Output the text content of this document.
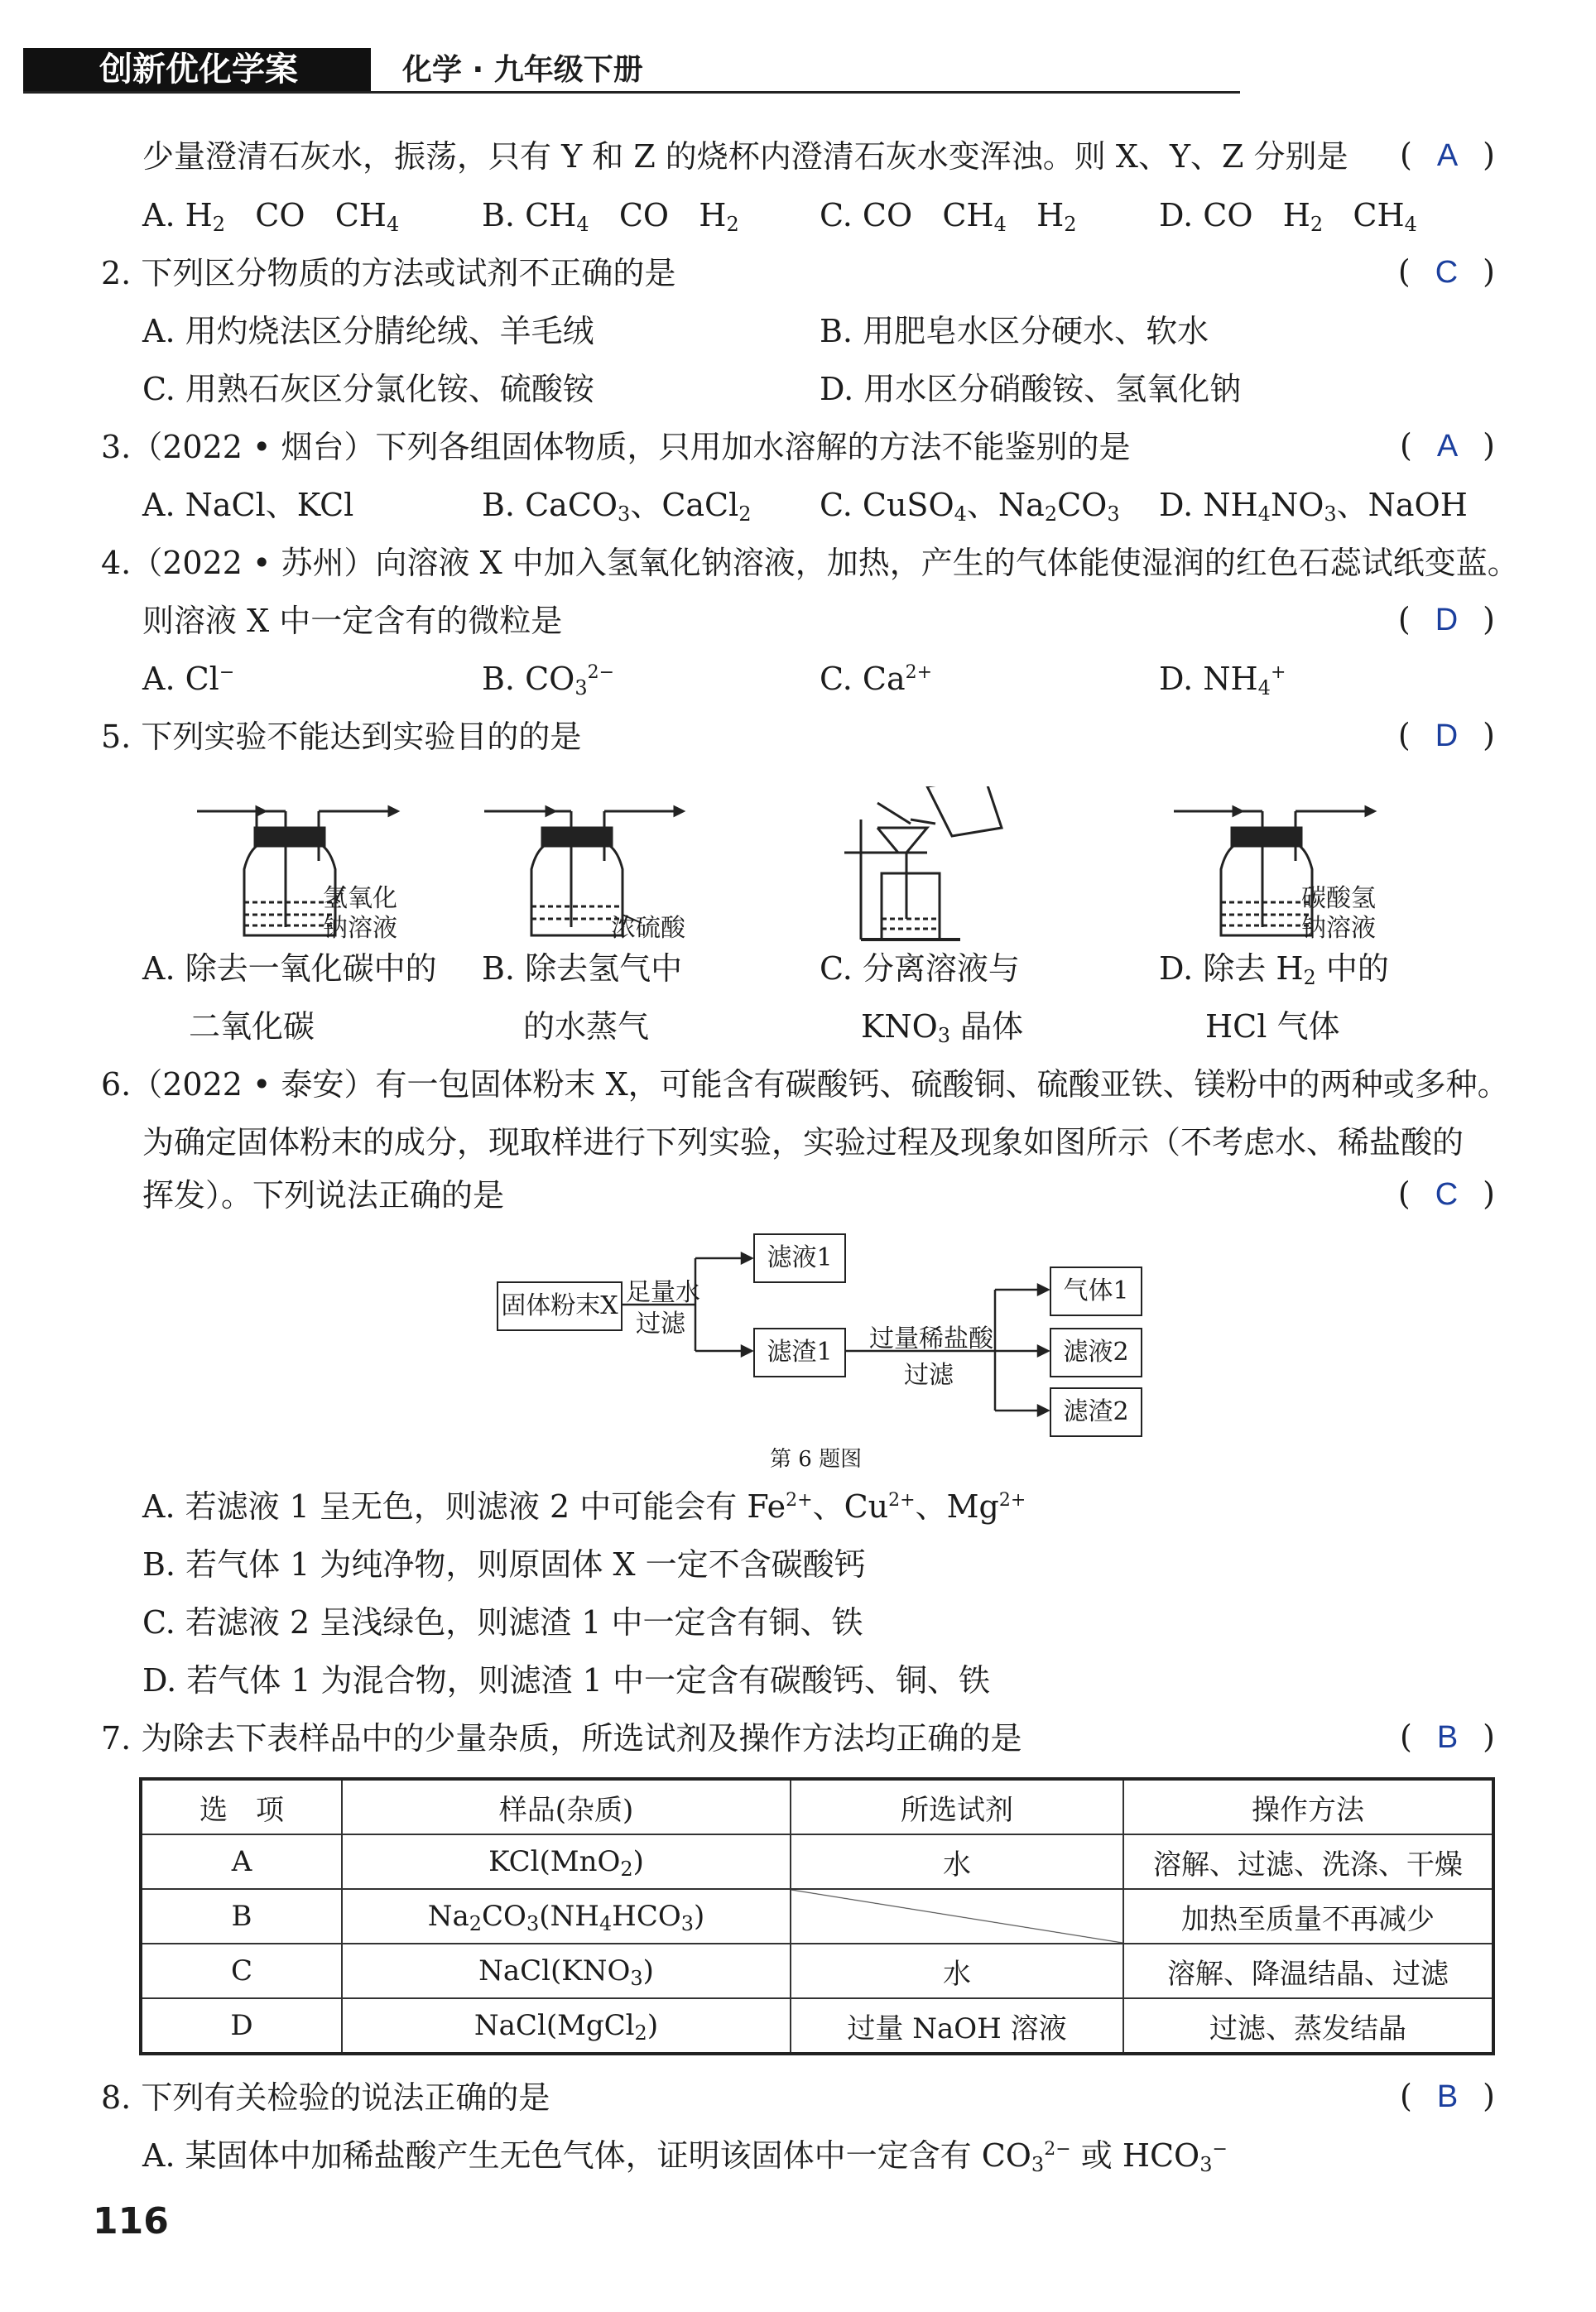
创新优化学案	化学 · 九年级下册
少量澄清石灰水，振荡，只有 Y 和 Z 的烧杯内澄清石灰水变浑浊。则 X、Y、Z 分别是 ( A )
A. $H_2$   CO   $CH_4$	B. $CH_4$   CO   $H_2$	C. CO   $CH_4$   $H_2$	D. CO   $H_2$   $CH_4$
2. 下列区分物质的方法或试剂不正确的是	( C )
A. 用灼烧法区分腈纶绒、羊毛绒	B. 用肥皂水区分硬水、软水
C. 用熟石灰区分氯化铵、硫酸铵	D. 用水区分硝酸铵、氢氧化钠
3.（2022 • 烟台）下列各组固体物质，只用加水溶解的方法不能鉴别的是	( A )
A. NaCl、KCl	B. CaCO$_3$、CaCl$_2$ C. CuSO$_4$、$Na_2CO_3$ D. $NH_4NO_3$、NaOH
4.（2022 • 苏州）向溶液 X 中加入氢氧化钠溶液，加热，产生的气体能使湿润的红色石蕊试纸变蓝。
则溶液 X 中一定含有的微粒是	( D )
A. Cl−	B. $CO_3^{2-}$	C. $Ca^{2+}$	D. $NH_4^+$
5. 下列实验不能达到实验目的的是	( D )
氢氧化
钠溶液	浓硫酸
碳酸氢
钠溶液
A. 除去一氧化碳中的
二氧化碳
B. 除去氢气中
的水蒸气
C. 分离溶液与
$KNO_3$ 晶体
D. 除去 $H_2$ 中的
HCl 气体
6.（2022 • 泰安）有一包固体粉末 X，可能含有碳酸钙、硫酸铜、硫酸亚铁、镁粉中的两种或多种。
为确定固体粉末的成分，现取样进行下列实验，实验过程及现象如图所示（不考虑水、稀盐酸的
挥发）。下列说法正确的是	( C )
固体粉末X 足量水
过滤
滤液1
滤渣1	过量稀盐酸
过滤
气体1
滤液2
滤渣2
第 6 题图
A. 若滤液 1 呈无色，则滤液 2 中可能会有 $Fe^{2+}$、$Cu^{2+}$、$Mg^{2+}$
B. 若气体 1 为纯净物，则原固体 X 一定不含碳酸钙
C. 若滤液 2 呈浅绿色，则滤渣 1 中一定含有铜、铁
D. 若气体 1 为混合物，则滤渣 1 中一定含有碳酸钙、铜、铁
7. 为除去下表样品中的少量杂质，所选试剂及操作方法均正确的是	( B )
选　项	样品(杂质)	所选试剂	操作方法
A	KCl(MnO$_2$)	水	溶解、过滤、洗涤、干燥
B	$Na_2CO_3(NH_4HCO_3)$		加热至质量不再减少
C	$NaCl(KNO_3)$	水	溶解、降温结晶、过滤
D	NaCl(MgCl$_2$)	过量 NaOH 溶液	过滤、蒸发结晶
8. 下列有关检验的说法正确的是	( B )
A. 某固体中加稀盐酸产生无色气体，证明该固体中一定含有 $CO_3^{2-}$ 或 $HCO_3^-$
116
